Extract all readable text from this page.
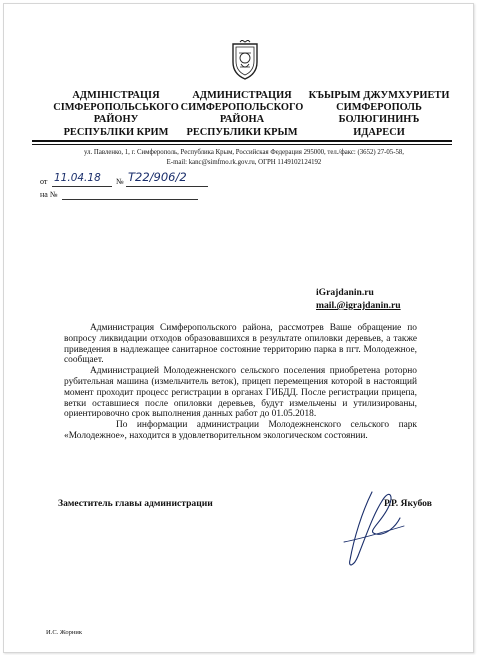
АДМІНІСТРАЦІЯ
СІМФЕРОПОЛЬСЬКОГО
РАЙОНУ
РЕСПУБЛІКИ КРИМ
АДМИНИСТРАЦИЯ
СИМФЕРОПОЛЬСКОГО
РАЙОНА
РЕСПУБЛИКИ КРЫМ
КЪЫРЫМ ДЖУМХУРИЕТИ
СИМФЕРОПОЛЬ
БОЛЮГИНИНЪ
ИДАРЕСИ
ул. Павленко, 1, г. Симферополь, Республика Крым, Российская Федерация 295000, тел./факс: (3652) 27-05-58,
E-mail: kanc@simfmo.rk.gov.ru, ОГРН 1149102124192
от 11.04.18 № Т22/906/2
на №
iGrajdanin.ru
mail.@igrajdanin.ru

Администрация Симферопольского района, рассмотрев Ваше обращение по вопросу ликвидации отходов образовавшихся в результате опиловки деревьев, а также приведения в надлежащее санитарное состояние территорию парка в пгт. Молодежное, сообщает.

Администрацией Молодежненского сельского поселения приобретена роторно рубительная машина (измельчитель веток), прицеп перемещения которой в настоящий момент проходит процесс регистрации в органах ГИБДД. После регистрации прицепа, ветки оставшиеся после опиловки деревьев, будут измельчены и утилизированы, ориентировочно срок выполнения данных работ до 01.05.2018.

По информации администрации Молодежненского сельского парк «Молодежное», находится в удовлетворительном экологическом состоянии.

Заместитель главы администрации	Р.Р. Якубов
И.С. Жорник
